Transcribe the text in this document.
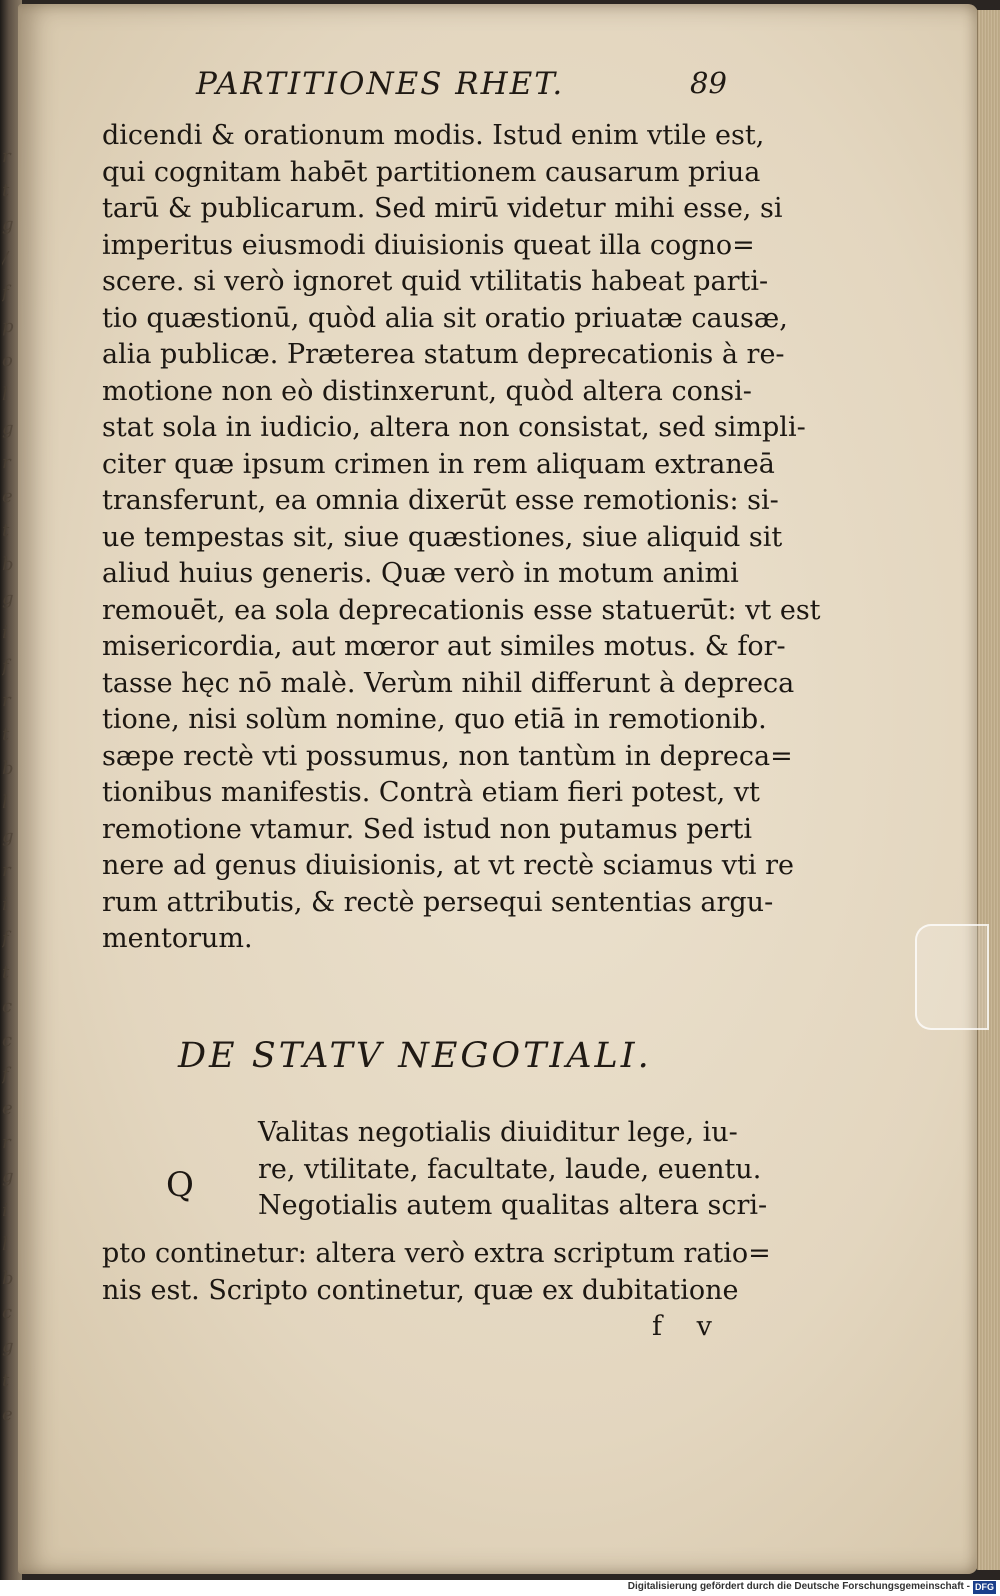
r
t
g
/
f
p
o
l
g
r
e
t
b
g
i
f
r
t
b
l
g
r
i
f
t
c
c
f
e
r
g
i
l
b
c
g
t
e
PARTITIONES RHET.	89
dicendi & orationum modis. Istud enim vtile est,
qui cognitam habēt partitionem causarum priua
tarū & publicarum. Sed mirū videtur mihi esse, si
imperitus eiusmodi diuisionis queat illa cogno=
scere. si verò ignoret quid vtilitatis habeat parti-
tio quæstionū, quòd alia sit oratio priuatæ causæ,
alia publicæ. Præterea statum deprecationis à re-
motione non eò distinxerunt, quòd altera consi-
stat sola in iudicio, altera non consistat, sed simpli-
citer quæ ipsum crimen in rem aliquam extraneā
transferunt, ea omnia dixerūt esse remotionis: si-
ue tempestas sit, siue quæstiones, siue aliquid sit
aliud huius generis. Quæ verò in motum animi
remouēt, ea sola deprecationis esse statuerūt: vt est
misericordia, aut mœror aut similes motus. & for-
tasse hęc nō malè. Verùm nihil differunt à depreca
tione, nisi solùm nomine, quo etiā in remotionib.
sæpe rectè vti possumus, non tantùm in depreca=
tionibus manifestis. Contrà etiam fieri potest, vt
remotione vtamur. Sed istud non putamus perti
nere ad genus diuisionis, at vt rectè sciamus vti re
rum attributis, & rectè persequi sententias argu-
mentorum.
DE STATV NEGOTIALI.
Q
Valitas negotialis diuiditur lege, iu-
re, vtilitate, facultate, laude, euentu.
Negotialis autem qualitas altera scri-
pto continetur: altera verò extra scriptum ratio=
nis est. Scripto continetur, quæ ex dubitatione
f v
Digitalisierung gefördert durch die Deutsche Forschungsgemeinschaft - DFG
